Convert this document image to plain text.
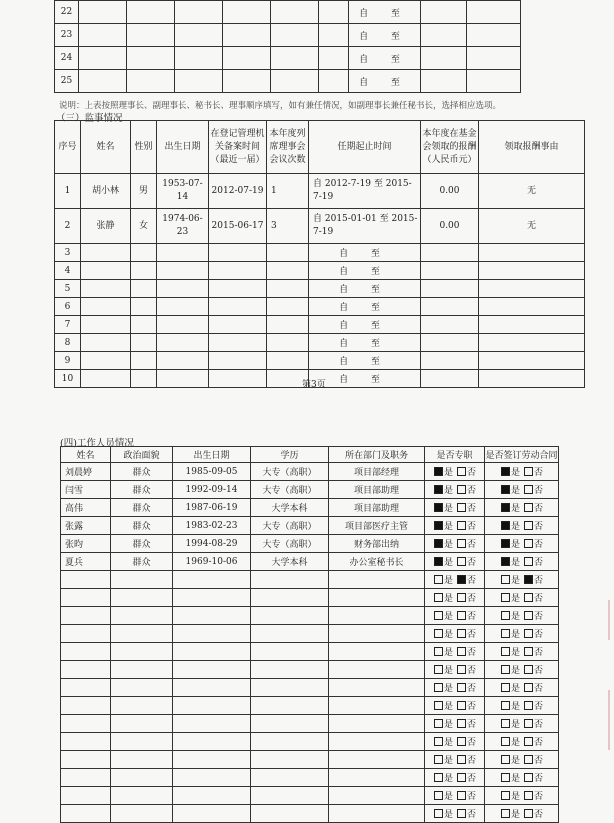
22							自 至		
23							自 至		
24							自 至		
25							自 至		
说明：上表按照理事长、副理事长、秘书长、理事顺序填写，如有兼任情况，如副理事长兼任秘书长，选择相应选项。
（三）监事情况
序号	姓名	性别	出生日期	在登记管理机关备案时间（最近一届）	本年度列席理事会会议次数	任期起止时间	本年度在基金会领取的报酬（人民币元）	领取报酬事由
1	胡小林	男	1953-07-14	2012-07-19	1	自 2012-7-19 至 2015-7-19	0.00	无
2	张静	女	1974-06-23	2015-06-17	3	自 2015-01-01 至 2015-7-19	0.00	无
3						自 至		
4						自 至		
5						自 至		
6						自 至		
7						自 至		
8						自 至		
9						自 至		
10						自 至		
第3页
(四)工作人员情况
姓名	政治面貌	出生日期	学历	所在部门及职务	是否专职	是否签订劳动合同
刘晨婷	群众	1985-09-05	大专（高职）	项目部经理	是 否	是 否
闫雪	群众	1992-09-14	大专（高职）	项目部助理	是 否	是 否
高伟	群众	1987-06-19	大学本科	项目部助理	是 否	是 否
张露	群众	1983-02-23	大专（高职）	项目部医疗主管	是 否	是 否
张昀	群众	1994-08-29	大专（高职）	财务部出纳	是 否	是 否
夏兵	群众	1969-10-06	大学本科	办公室秘书长	是 否	是 否
					是 否	是 否
					是 否	是 否
					是 否	是 否
					是 否	是 否
					是 否	是 否
					是 否	是 否
					是 否	是 否
					是 否	是 否
					是 否	是 否
					是 否	是 否
					是 否	是 否
					是 否	是 否
					是 否	是 否
					是 否	是 否
